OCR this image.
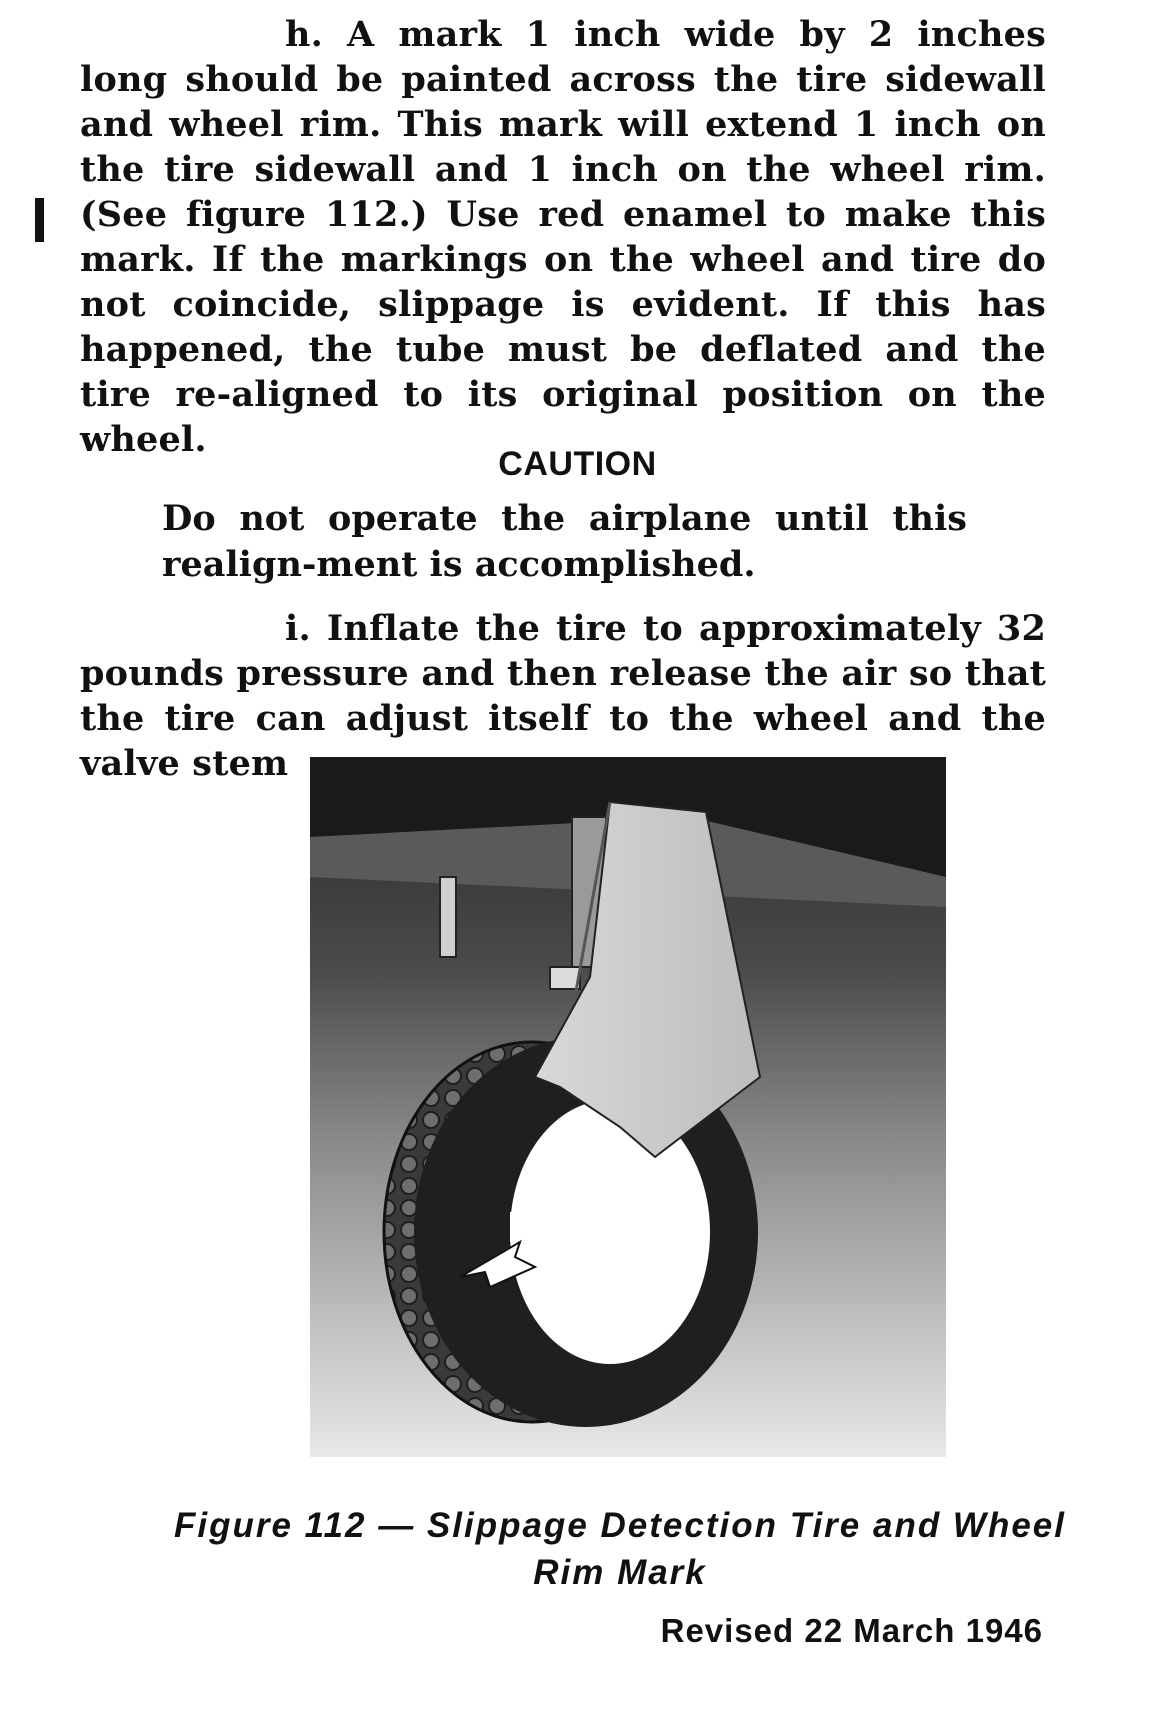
h. A mark 1 inch wide by 2 inches long should be painted across the tire sidewall and wheel rim. This mark will extend 1 inch on the tire sidewall and 1 inch on the wheel rim. (See figure 112.) Use red enamel to make this mark. If the markings on the wheel and tire do not coincide, slippage is evident. If this has happened, the tube must be deflated and the tire re-aligned to its original position on the wheel.

CAUTION

Do not operate the airplane until this realign-ment is accomplished.

i. Inflate the tire to approximately 32 pounds pressure and then release the air so that the tire can adjust itself to the wheel and the valve stem

Figure 112 — Slippage Detection Tire and Wheel
Rim Mark

Revised 22 March 1946
